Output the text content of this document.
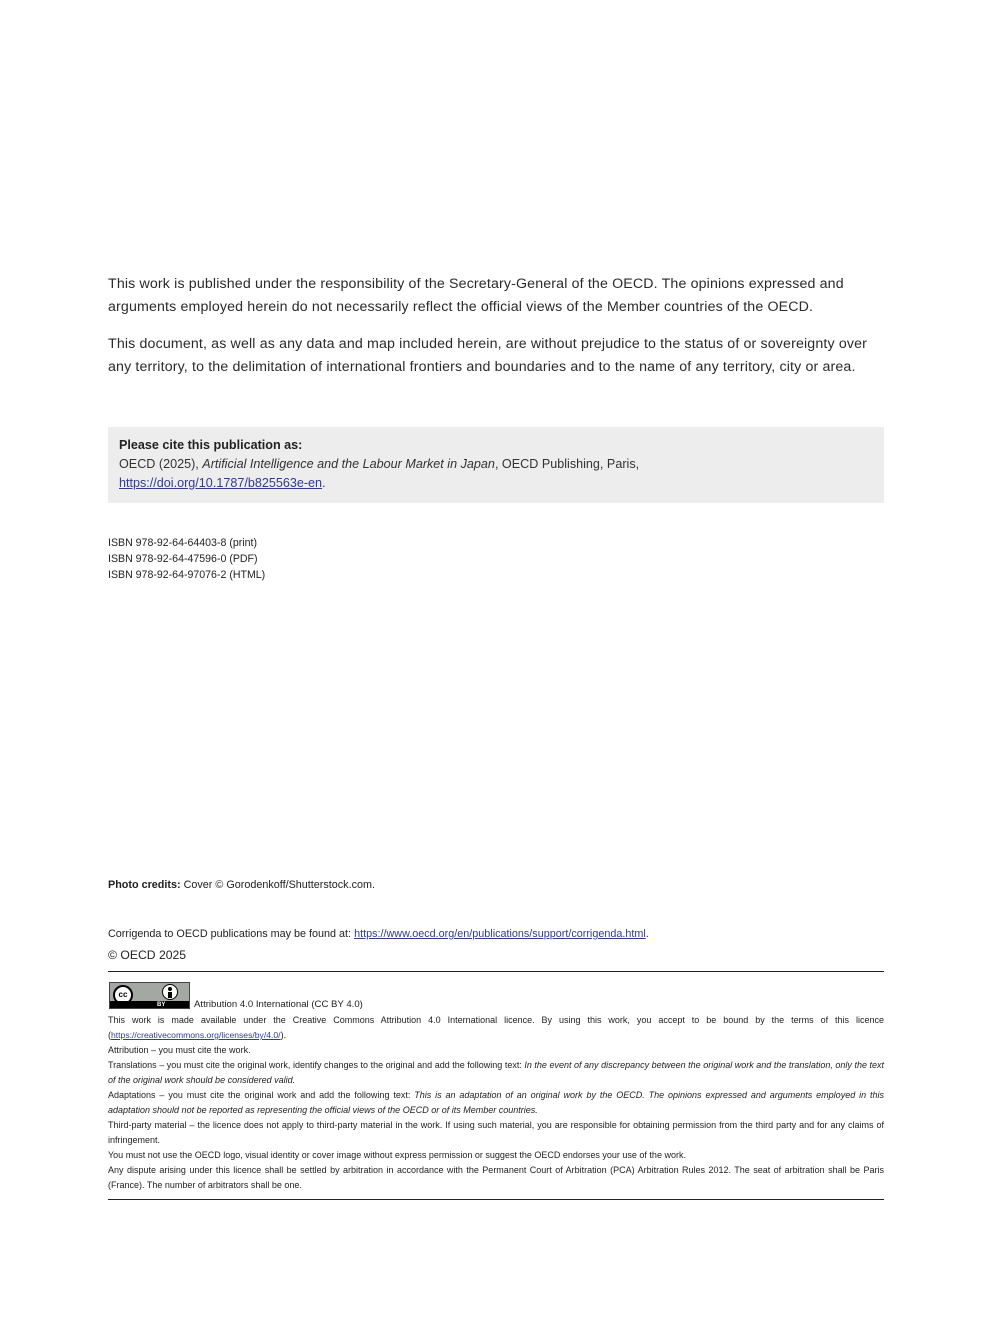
This work is published under the responsibility of the Secretary-General of the OECD. The opinions expressed and arguments employed herein do not necessarily reflect the official views of the Member countries of the OECD.

This document, as well as any data and map included herein, are without prejudice to the status of or sovereignty over any territory, to the delimitation of international frontiers and boundaries and to the name of any territory, city or area.

Please cite this publication as:
OECD (2025), Artificial Intelligence and the Labour Market in Japan, OECD Publishing, Paris,
https://doi.org/10.1787/b825563e-en.
ISBN 978-92-64-64403-8 (print)
ISBN 978-92-64-47596-0 (PDF)
ISBN 978-92-64-97076-2 (HTML)
Photo credits: Cover © Gorodenkoff/Shutterstock.com.
Corrigenda to OECD publications may be found at: https://www.oecd.org/en/publications/support/corrigenda.html.
© OECD 2025
cc
BY	Attribution 4.0 International (CC BY 4.0)

This work is made available under the Creative Commons Attribution 4.0 International licence. By using this work, you accept to be bound by the terms of this licence (https://creativecommons.org/licenses/by/4.0/).

Attribution – you must cite the work.

Translations – you must cite the original work, identify changes to the original and add the following text: In the event of any discrepancy between the original work and the translation, only the text of the original work should be considered valid.

Adaptations – you must cite the original work and add the following text: This is an adaptation of an original work by the OECD. The opinions expressed and arguments employed in this adaptation should not be reported as representing the official views of the OECD or of its Member countries.

Third-party material – the licence does not apply to third-party material in the work. If using such material, you are responsible for obtaining permission from the third party and for any claims of infringement.

You must not use the OECD logo, visual identity or cover image without express permission or suggest the OECD endorses your use of the work.

Any dispute arising under this licence shall be settled by arbitration in accordance with the Permanent Court of Arbitration (PCA) Arbitration Rules 2012. The seat of arbitration shall be Paris (France). The number of arbitrators shall be one.
